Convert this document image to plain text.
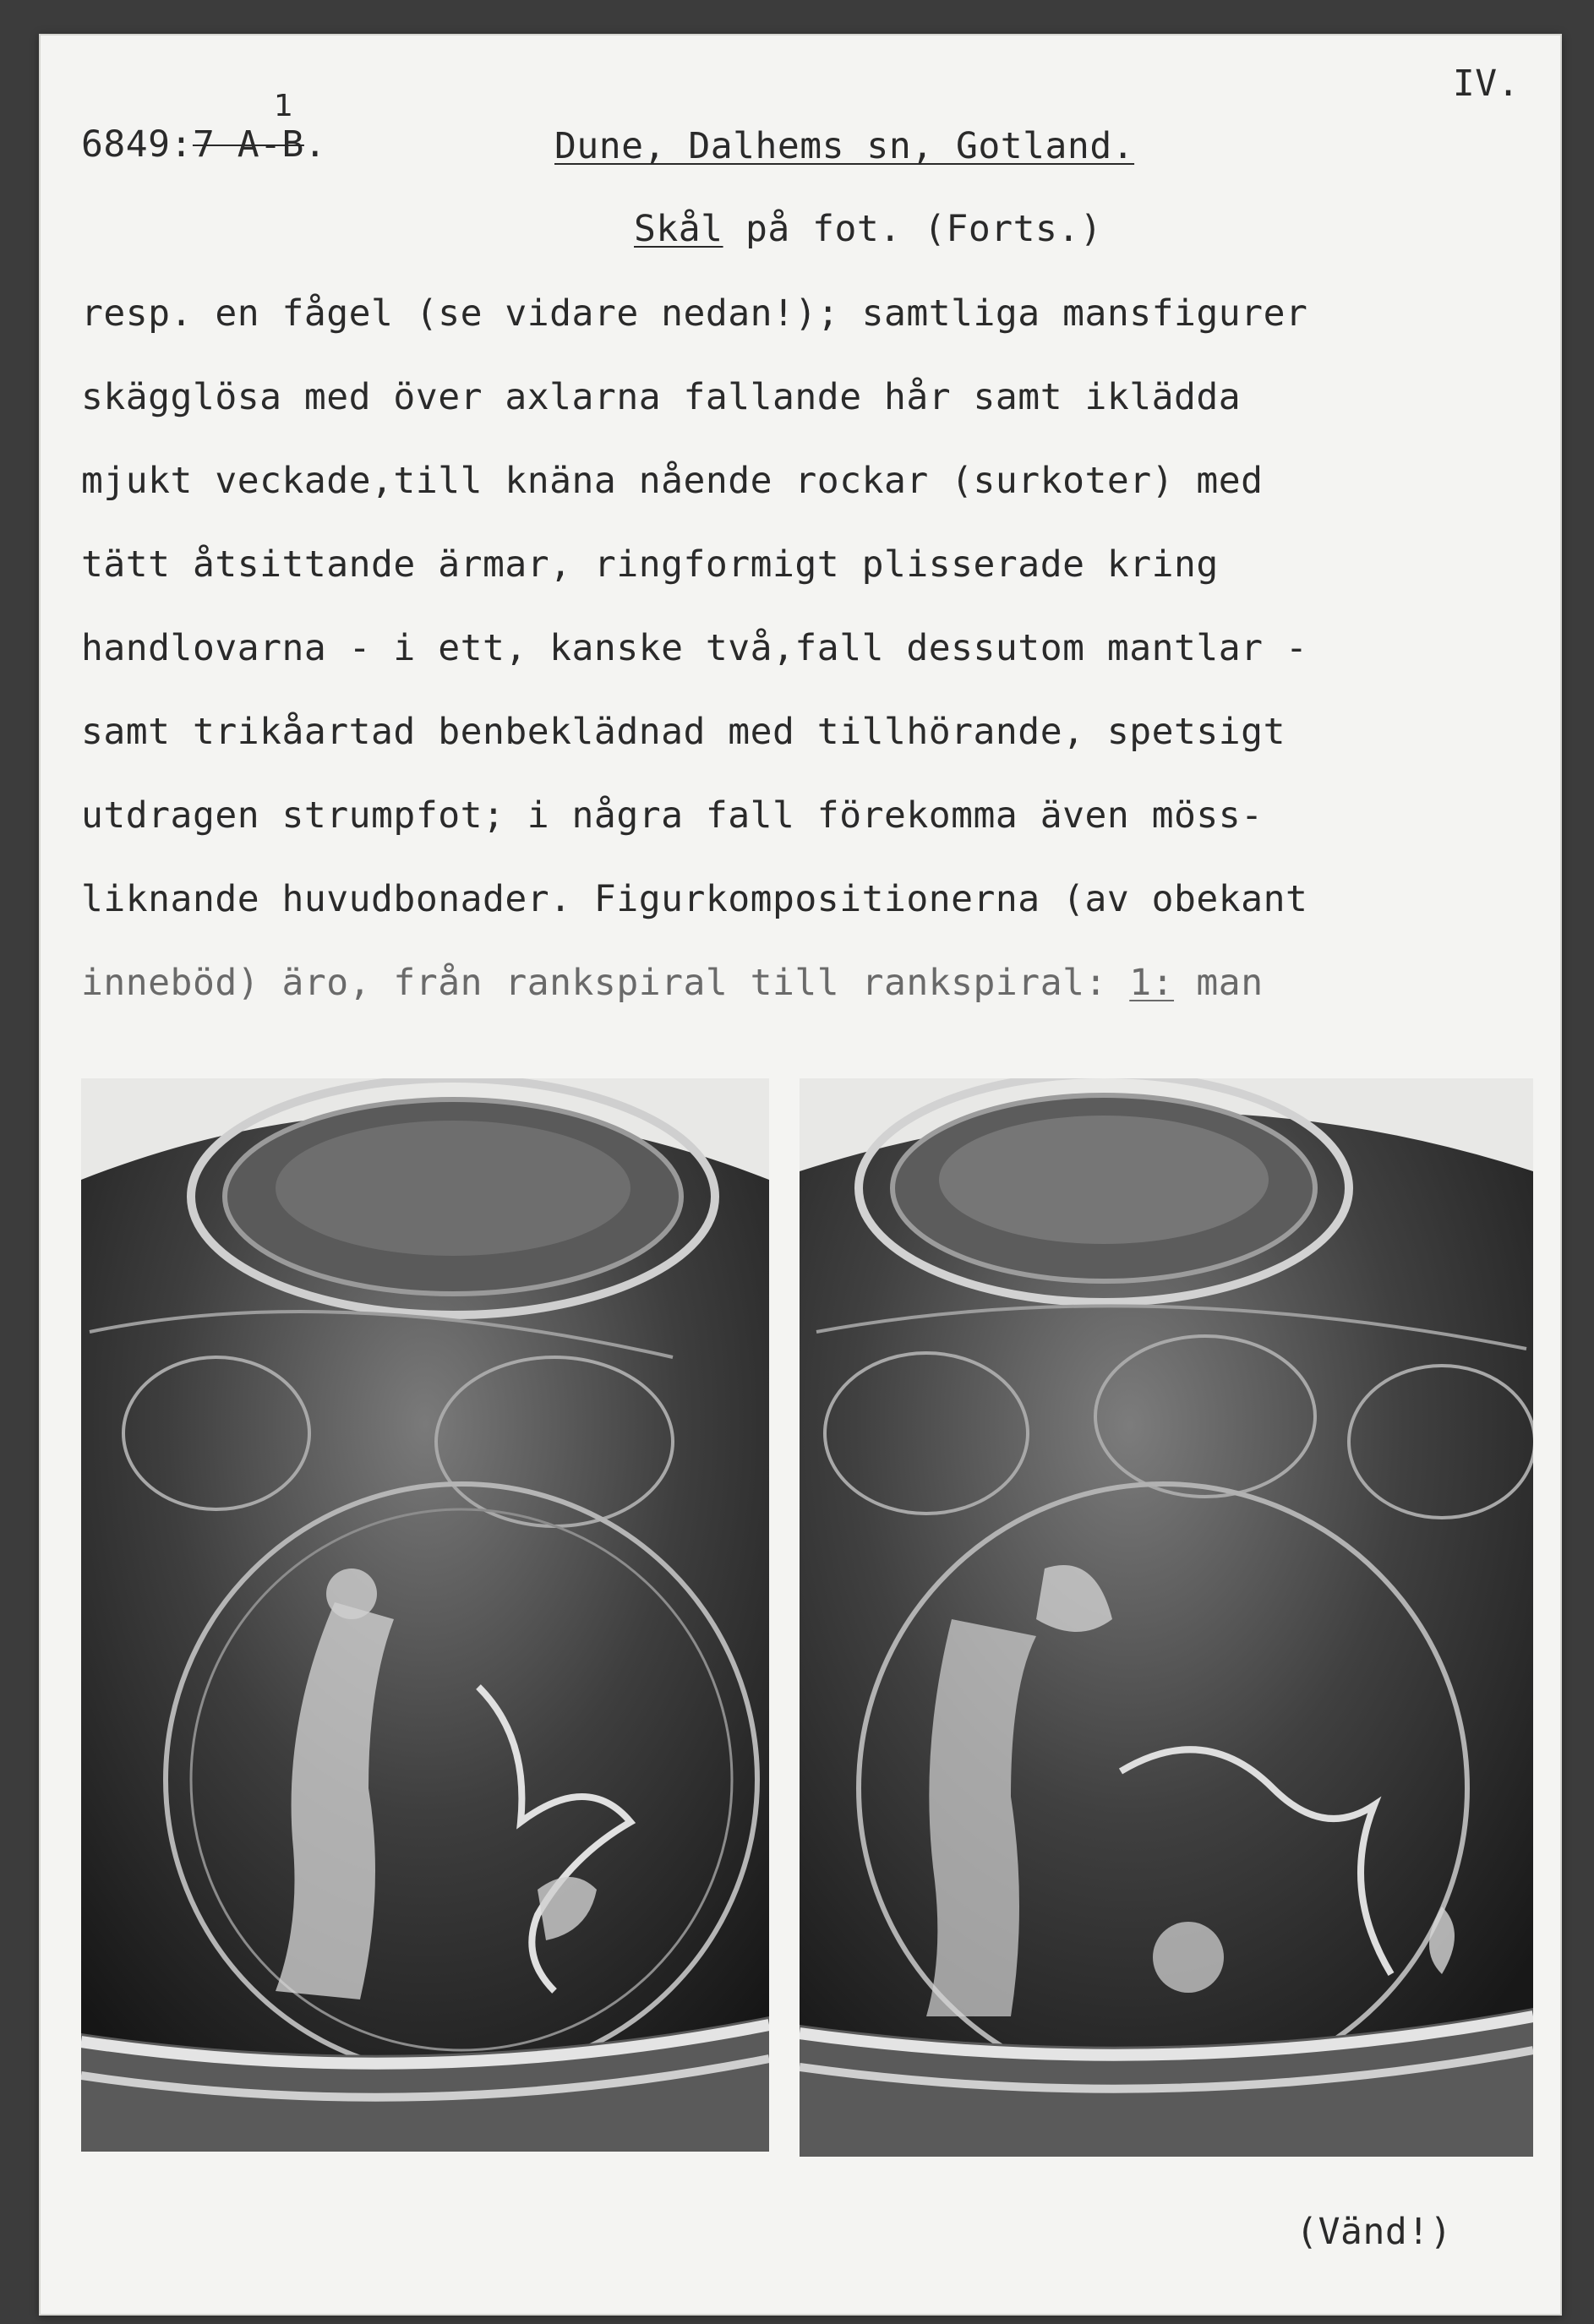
IV.
6849:7 A-B.
1
Dune, Dalhems sn, Gotland.
Skål på fot. (Forts.)
resp. en fågel (se vidare nedan!); samtliga mansfigurer
skägglösa med över axlarna fallande hår samt iklädda
mjukt veckade,till knäna nående rockar (surkoter) med
tätt åtsittande ärmar, ringformigt plisserade kring
handlovarna - i ett, kanske två,fall dessutom mantlar -
samt trikåartad benbeklädnad med tillhörande, spetsigt
utdragen strumpfot; i några fall förekomma även möss-
liknande huvudbonader. Figurkompositionerna (av obekant
inneböd) äro, från rankspiral till rankspiral: 1: man
(Vänd!)
